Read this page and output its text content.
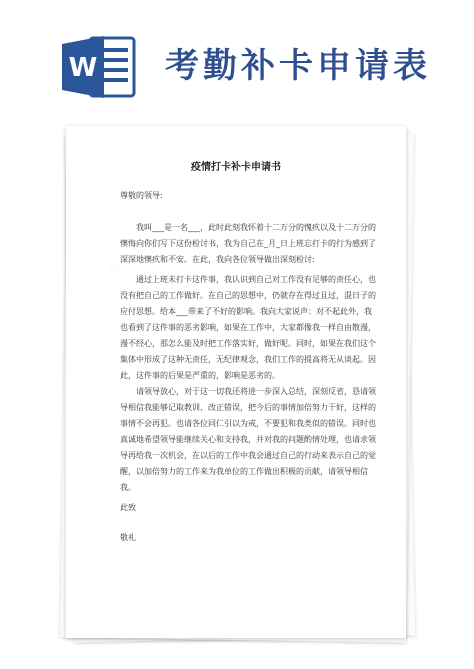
W 考勤补卡申请表
□ □ □ □
□ □ □ □
疫情打卡补卡申请书
尊敬的领导:
我叫___是一名___，此时此刻我怀着十二万分的愧疚以及十二万分的懊悔向你们写下这份检讨书，我为自己在_月_日上班忘打卡的行为感到了深深地懊疚和不安。在此，我向各位领导做出深刻检讨:
通过上班未打卡这件事，我认识到自己对工作没有足够的责任心，也没有把自己的工作做好。在自己的思想中，仍就存在得过且过，混日子的应付思想。给本___带来了不好的影响。我向大家说声：对不起此外，我也看到了这件事的恶劣影响，如果在工作中，大家都像我一样自由散漫，漫不经心，那怎么能及时把工作落实好，做好呢。同时，如果在我们这个集体中形成了这种无责任，无纪律观念，我们工作的提高将无从谈起。因此，这件事的后果是严重的，影响是恶劣的。
请领导放心，对于这一切我还将进一步深入总结，深刻反省，恳请领导相信我能够记取教训、改正错误，把今后的事情加倍努力干好，这样的事情不会再犯。也请各位同仁引以为戒，不要犯和我类似的错误。同时也真诚地希望领导能继续关心和支持我，并对我的问题酌情处理，也请求领导再给我一次机会，在以后的工作中我会通过自己的行动来表示自己的觉醒，以加倍努力的工作来为我单位的工作做出积极的贡献，请领导相信我。
此致
敬礼
